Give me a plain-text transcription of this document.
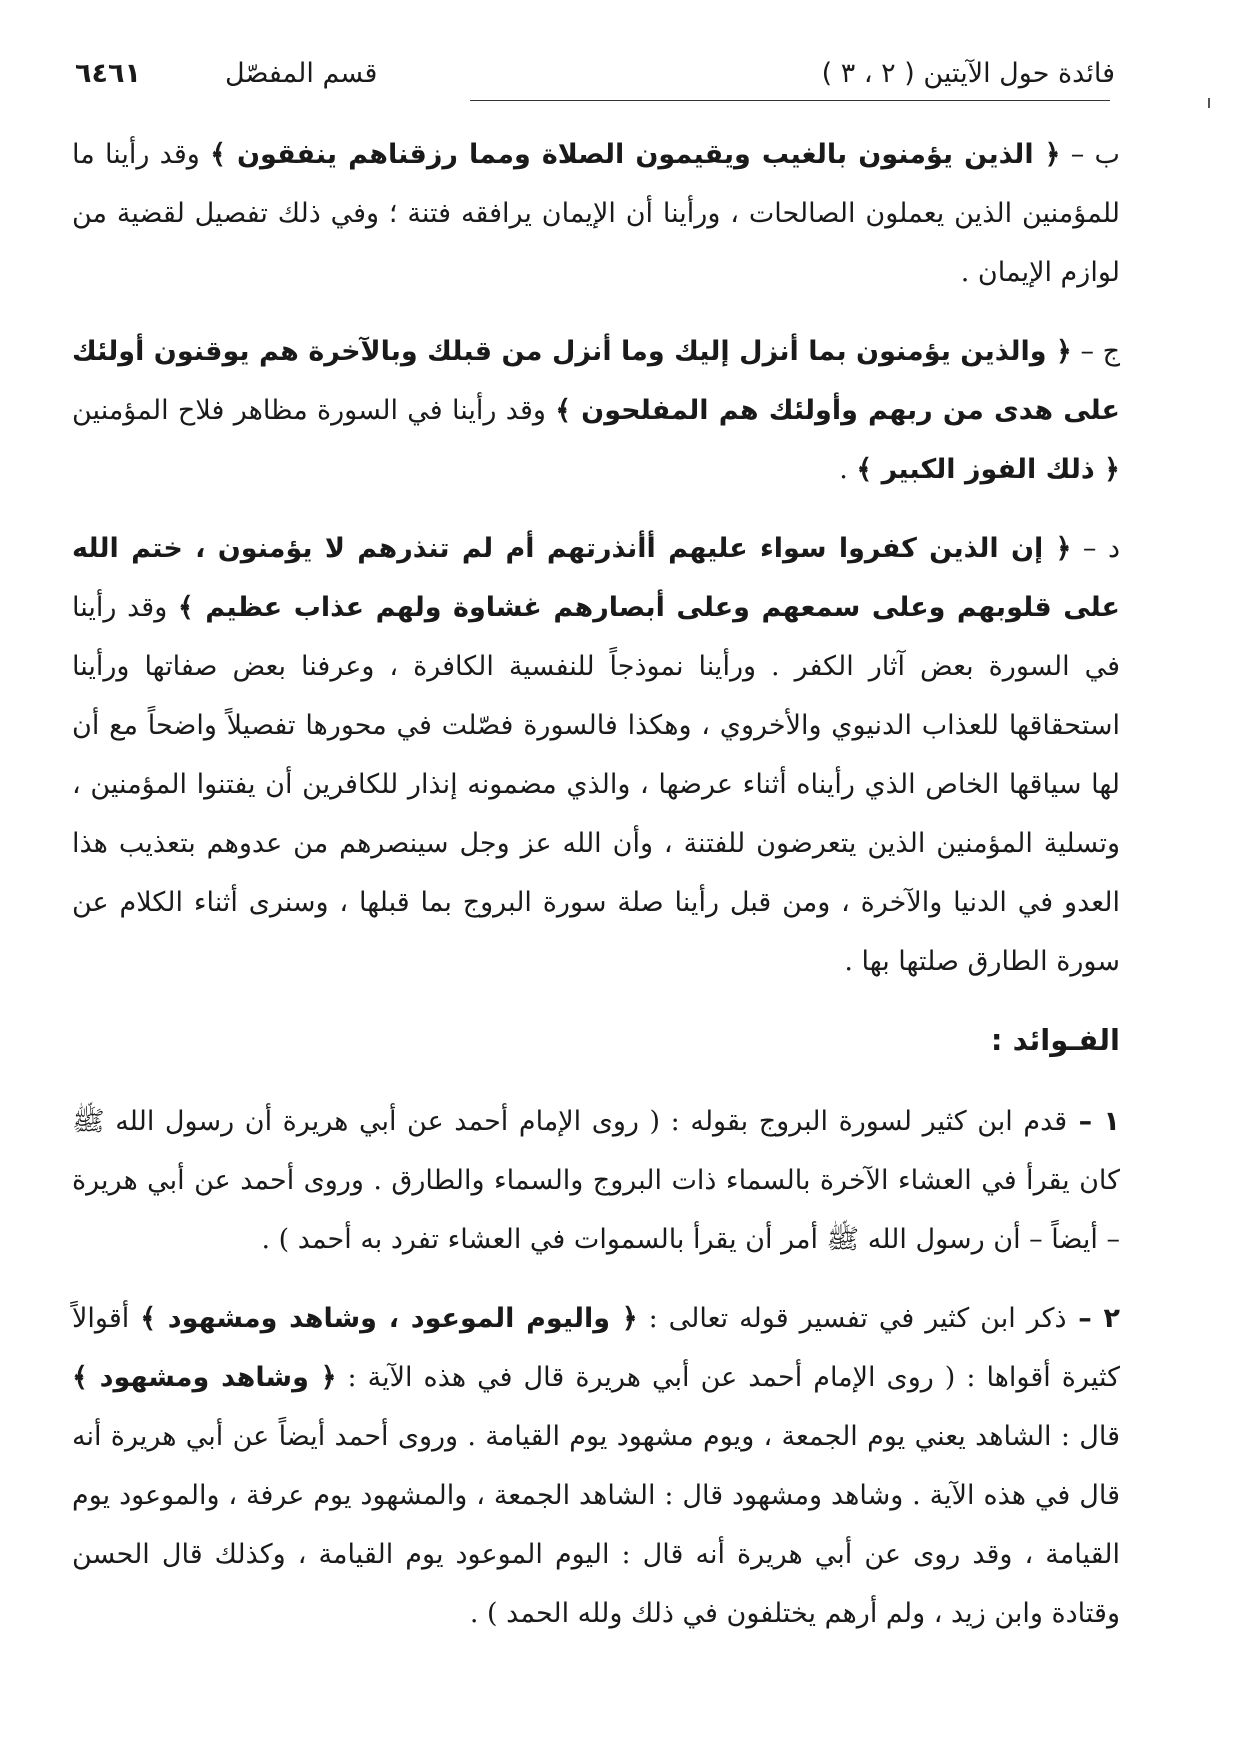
فائدة حول الآيتين ( ٢ ، ٣ )
قسم المفصّل
٦٤٦١

ب – ﴿ الذين يؤمنون بالغيب ويقيمون الصلاة ومما رزقناهم ينفقون ﴾ وقد رأينا ما للمؤمنين الذين يعملون الصالحات ، ورأينا أن الإيمان يرافقه فتنة ؛ وفي ذلك تفصيل لقضية من لوازم الإيمان .

ج – ﴿ والذين يؤمنون بما أنزل إليك وما أنزل من قبلك وبالآخرة هم يوقنون أولئك على هدى من ربهم وأولئك هم المفلحون ﴾ وقد رأينا في السورة مظاهر فلاح المؤمنين ﴿ ذلك الفوز الكبير ﴾ .

د – ﴿ إن الذين كفروا سواء عليهم أأنذرتهم أم لم تنذرهم لا يؤمنون ، ختم الله على قلوبهم وعلى سمعهم وعلى أبصارهم غشاوة ولهم عذاب عظيم ﴾ وقد رأينا في السورة بعض آثار الكفر . ورأينا نموذجاً للنفسية الكافرة ، وعرفنا بعض صفاتها ورأينا استحقاقها للعذاب الدنيوي والأخروي ، وهكذا فالسورة فصّلت في محورها تفصيلاً واضحاً مع أن لها سياقها الخاص الذي رأيناه أثناء عرضها ، والذي مضمونه إنذار للكافرين أن يفتنوا المؤمنين ، وتسلية المؤمنين الذين يتعرضون للفتنة ، وأن الله عز وجل سينصرهم من عدوهم بتعذيب هذا العدو في الدنيا والآخرة ، ومن قبل رأينا صلة سورة البروج بما قبلها ، وسنرى أثناء الكلام عن سورة الطارق صلتها بها .

الفـوائد :

١ – قدم ابن كثير لسورة البروج بقوله : ( روى الإمام أحمد عن أبي هريرة أن رسول الله ﷺ كان يقرأ في العشاء الآخرة بالسماء ذات البروج والسماء والطارق . وروى أحمد عن أبي هريرة – أيضاً – أن رسول الله ﷺ أمر أن يقرأ بالسموات في العشاء تفرد به أحمد ) .

٢ – ذكر ابن كثير في تفسير قوله تعالى : ﴿ واليوم الموعود ، وشاهد ومشهود ﴾ أقوالاً كثيرة أقواها : ( روى الإمام أحمد عن أبي هريرة قال في هذه الآية : ﴿ وشاهد ومشهود ﴾ قال : الشاهد يعني يوم الجمعة ، ويوم مشهود يوم القيامة . وروى أحمد أيضاً عن أبي هريرة أنه قال في هذه الآية . وشاهد ومشهود قال : الشاهد الجمعة ، والمشهود يوم عرفة ، والموعود يوم القيامة ، وقد روى عن أبي هريرة أنه قال : اليوم الموعود يوم القيامة ، وكذلك قال الحسن وقتادة وابن زيد ، ولم أرهم يختلفون في ذلك ولله الحمد ) .
